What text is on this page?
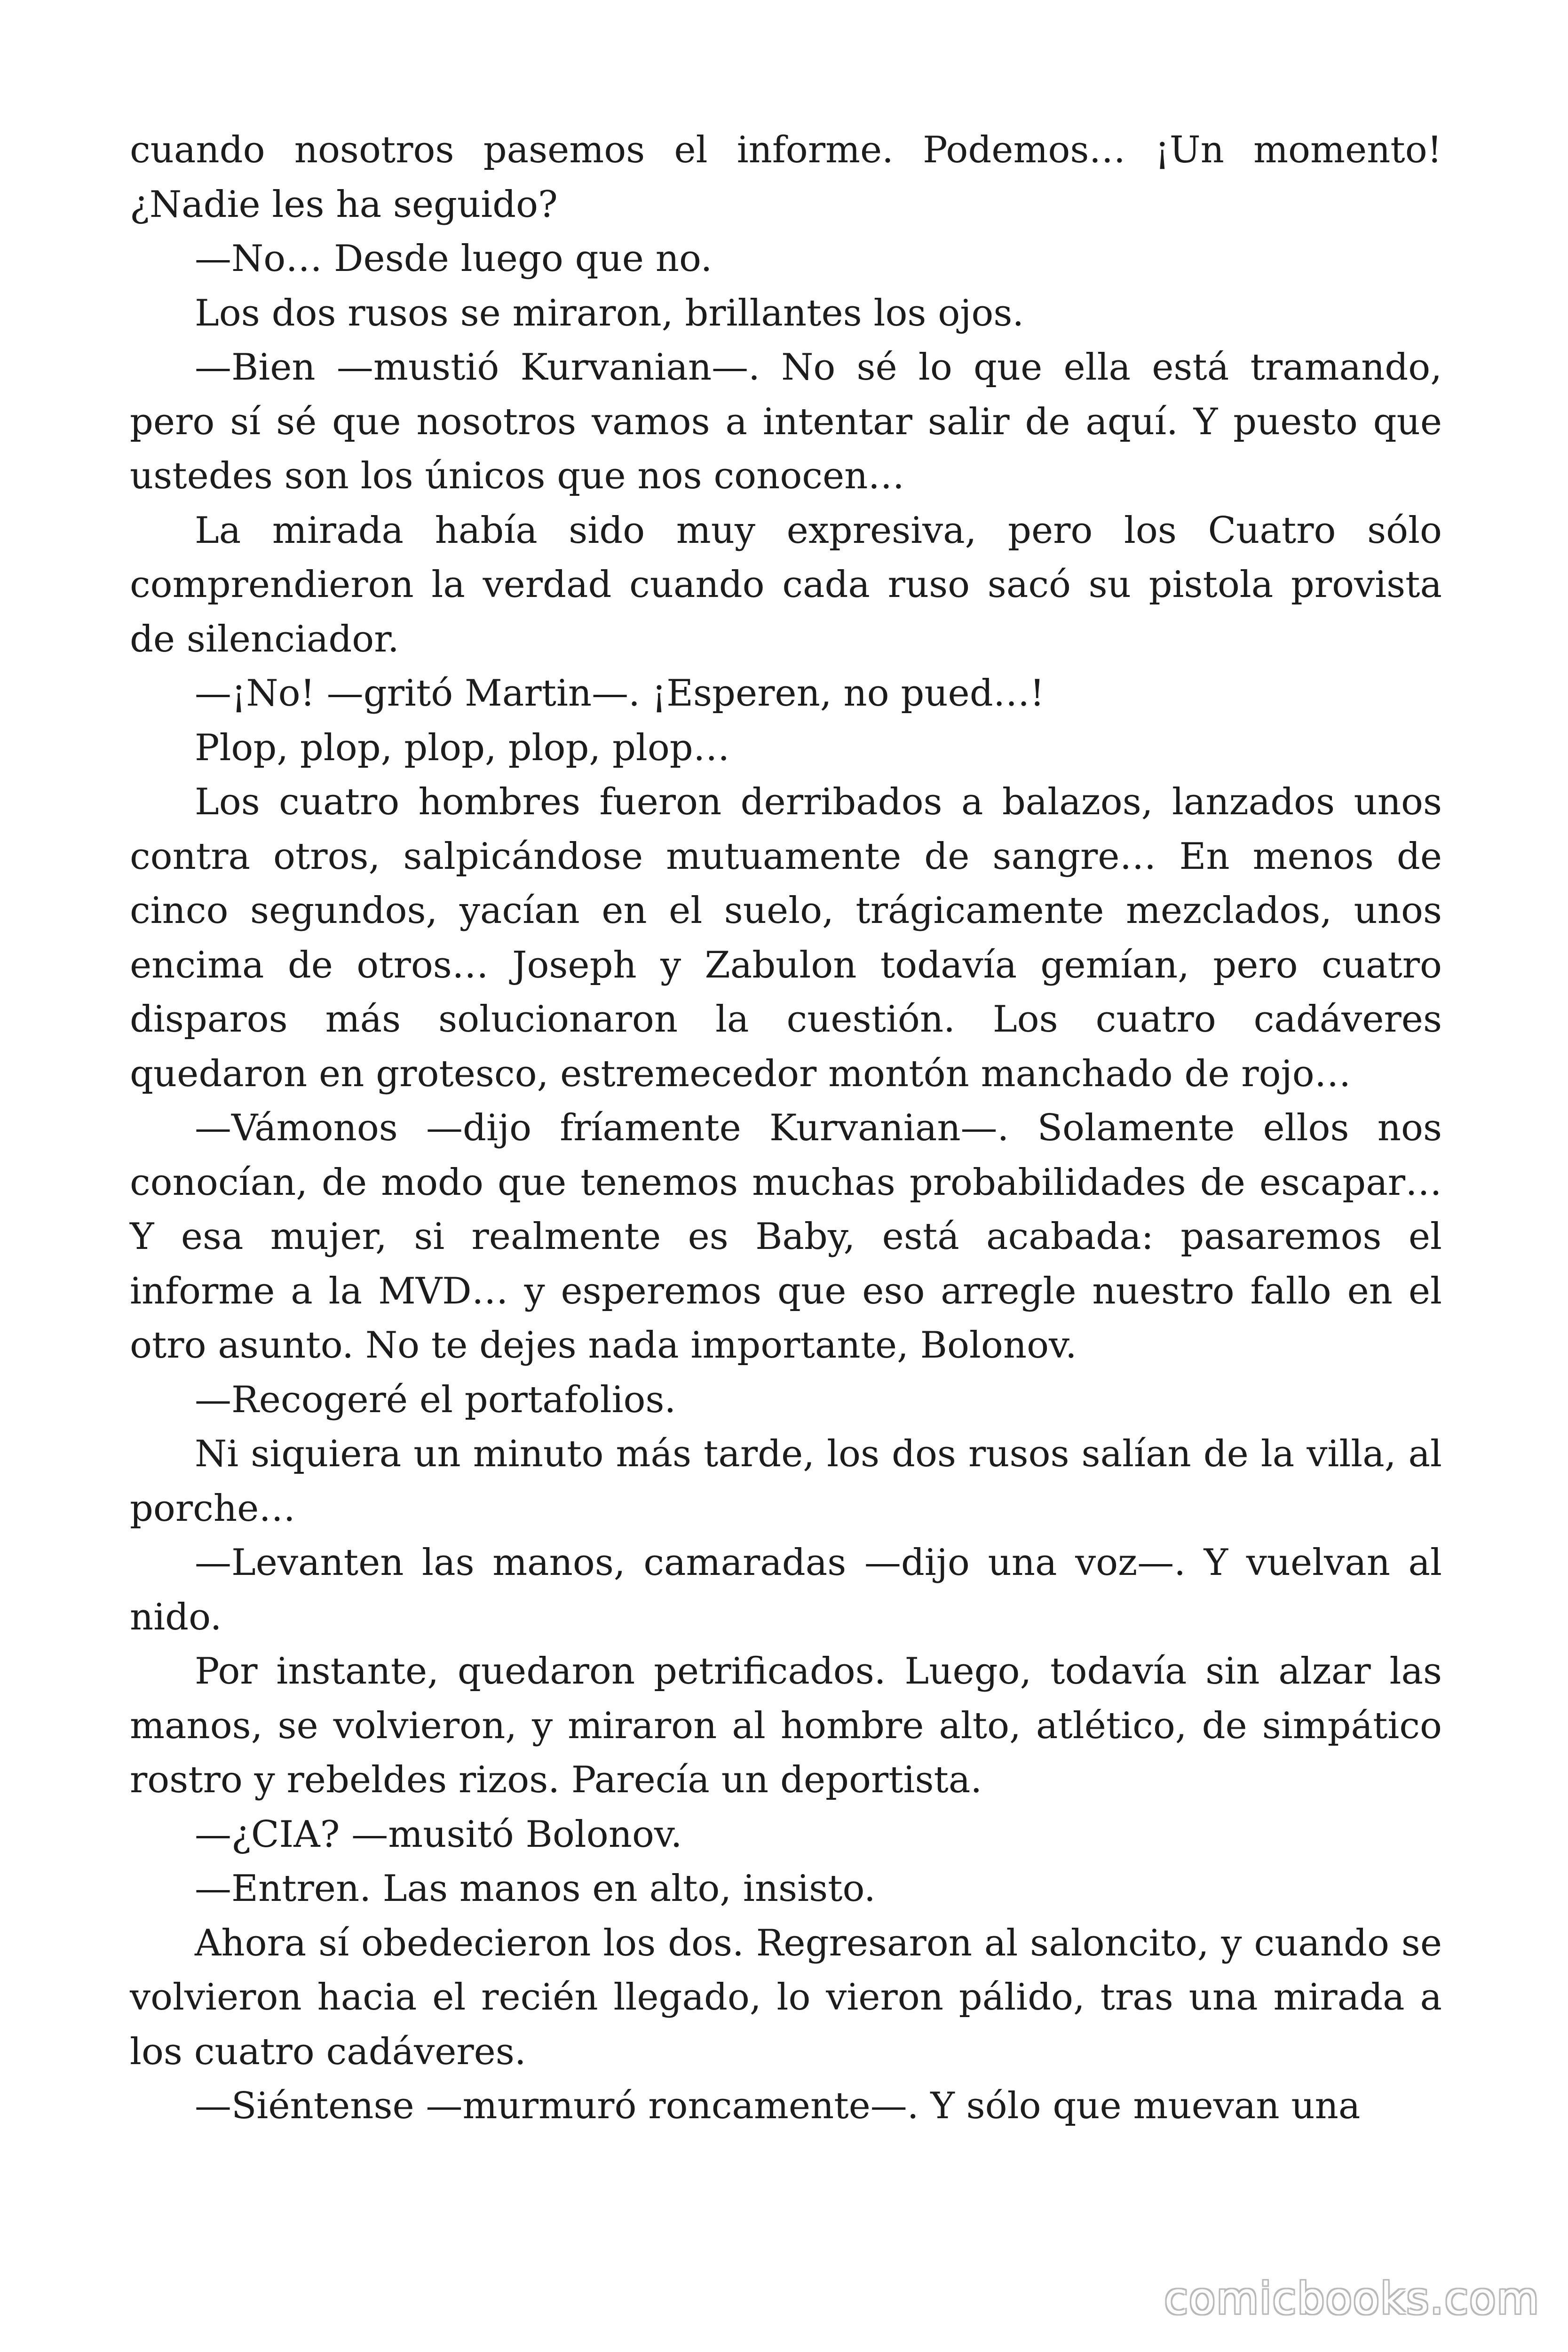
cuando nosotros pasemos el informe. Podemos… ¡Un momento! ¿Nadie les ha seguido?

—No… Desde luego que no.

Los dos rusos se miraron, brillantes los ojos.

—Bien —mustió Kurvanian—. No sé lo que ella está tramando, pero sí sé que nosotros vamos a intentar salir de aquí. Y puesto que ustedes son los únicos que nos conocen…

La mirada había sido muy expresiva, pero los Cuatro sólo comprendieron la verdad cuando cada ruso sacó su pistola provista de silenciador.

—¡No! —gritó Martin—. ¡Esperen, no pued…!

Plop, plop, plop, plop, plop…

Los cuatro hombres fueron derribados a balazos, lanzados unos contra otros, salpicándose mutuamente de sangre… En menos de cinco segundos, yacían en el suelo, trágicamente mezclados, unos encima de otros… Joseph y Zabulon todavía gemían, pero cuatro disparos más solucionaron la cuestión. Los cuatro cadáveres quedaron en grotesco, estremecedor montón manchado de rojo…

—Vámonos —dijo fríamente Kurvanian—. Solamente ellos nos conocían, de modo que tenemos muchas probabilidades de escapar… Y esa mujer, si realmente es Baby, está acabada: pasaremos el informe a la MVD… y esperemos que eso arregle nuestro fallo en el otro asunto. No te dejes nada importante, Bolonov.

—Recogeré el portafolios.

Ni siquiera un minuto más tarde, los dos rusos salían de la villa, al porche…

—Levanten las manos, camaradas —dijo una voz—. Y vuelvan al nido.

Por instante, quedaron petrificados. Luego, todavía sin alzar las manos, se volvieron, y miraron al hombre alto, atlético, de simpático rostro y rebeldes rizos. Parecía un deportista.

—¿CIA? —musitó Bolonov.

—Entren. Las manos en alto, insisto.

Ahora sí obedecieron los dos. Regresaron al saloncito, y cuando se volvieron hacia el recién llegado, lo vieron pálido, tras una mirada a los cuatro cadáveres.

—Siéntense —murmuró roncamente—. Y sólo que muevan una

comicbooks.com
